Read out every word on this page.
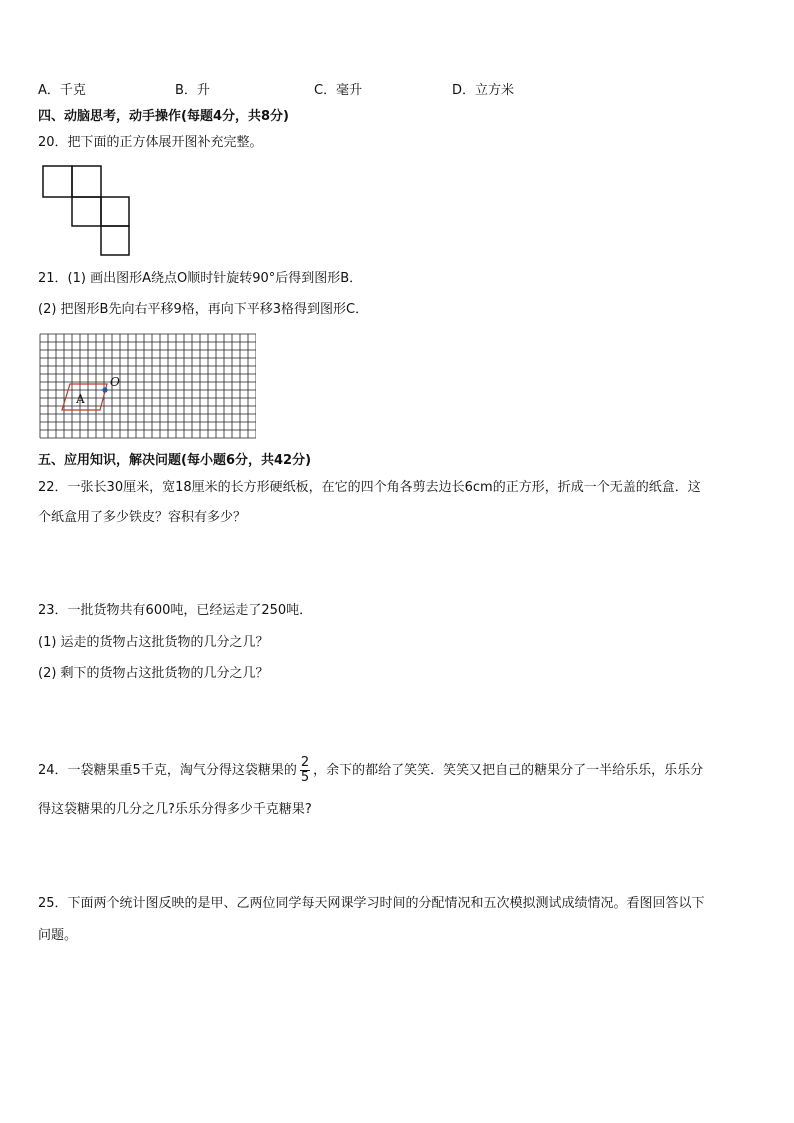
A．千克	B．升	C．毫升	D．立方米
四、动脑思考，动手操作(每题4分，共8分)
20．把下面的正方体展开图补充完整。
21．(1) 画出图形A绕点O顺时针旋转90°后得到图形B．
(2) 把图形B先向右平移9格，再向下平移3格得到图形C．
O
A
五、应用知识，解决问题(每小题6分，共42分)
22．一张长30厘米，宽18厘米的长方形硬纸板，在它的四个角各剪去边长6cm的正方形，折成一个无盖的纸盒．这
个纸盒用了多少铁皮？容积有多少？
23．一批货物共有600吨，已经运走了250吨．
(1) 运走的货物占这批货物的几分之几？
(2) 剩下的货物占这批货物的几分之几？
24．一袋糖果重5千克，淘气分得这袋糖果的 $\frac{2}{5}$ ，余下的都给了笑笑．笑笑又把自己的糖果分了一半给乐乐，乐乐分
得这袋糖果的几分之几?乐乐分得多少千克糖果?
25．下面两个统计图反映的是甲、乙两位同学每天网课学习时间的分配情况和五次模拟测试成绩情况。看图回答以下
问题。
